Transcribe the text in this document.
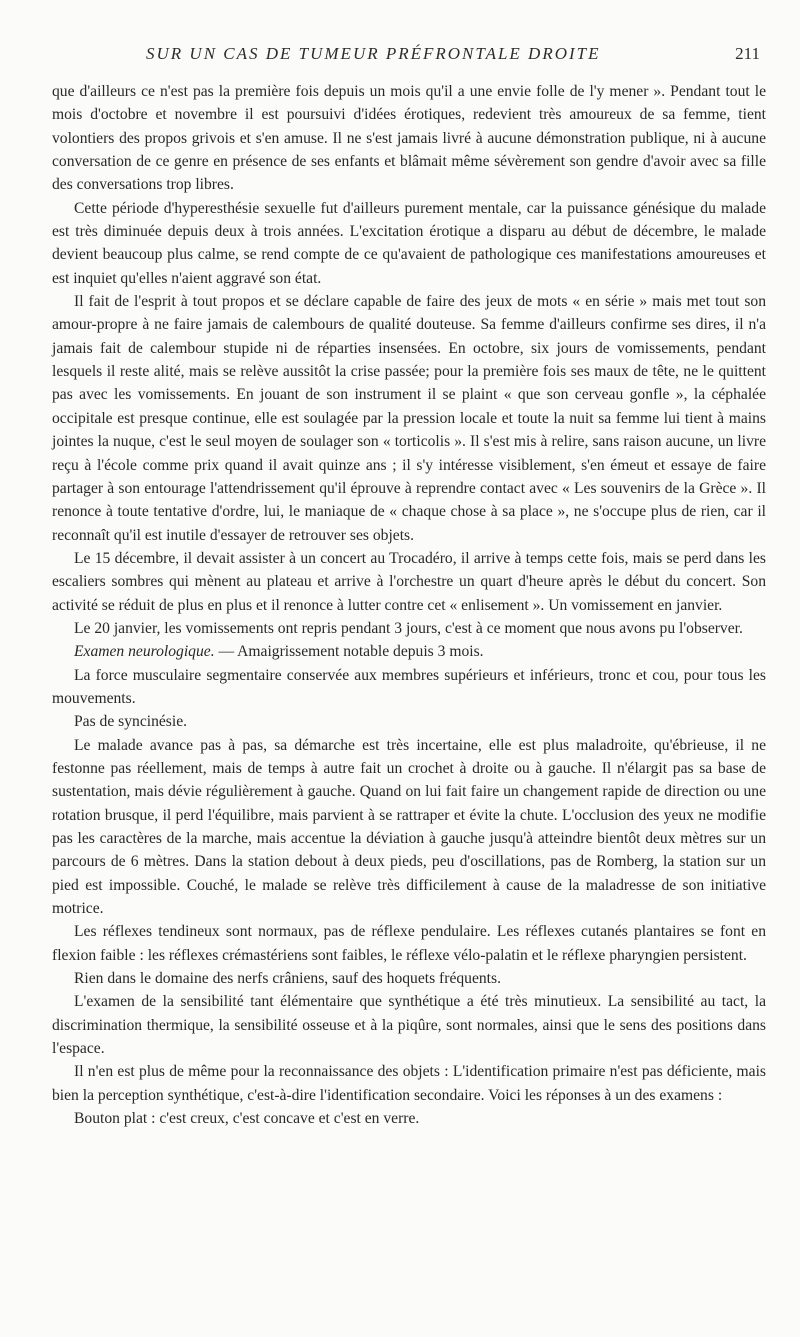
SUR UN CAS DE TUMEUR PRÉFRONTALE DROITE	211

que d'ailleurs ce n'est pas la première fois depuis un mois qu'il a une envie folle de l'y mener ». Pendant tout le mois d'octobre et novembre il est poursuivi d'idées érotiques, redevient très amoureux de sa femme, tient volontiers des propos grivois et s'en amuse. Il ne s'est jamais livré à aucune démonstration publique, ni à aucune conversation de ce genre en présence de ses enfants et blâmait même sévèrement son gendre d'avoir avec sa fille des conversations trop libres.

Cette période d'hyperesthésie sexuelle fut d'ailleurs purement mentale, car la puissance génésique du malade est très diminuée depuis deux à trois années. L'excitation érotique a disparu au début de décembre, le malade devient beaucoup plus calme, se rend compte de ce qu'avaient de pathologique ces manifestations amoureuses et est inquiet qu'elles n'aient aggravé son état.

Il fait de l'esprit à tout propos et se déclare capable de faire des jeux de mots « en série » mais met tout son amour-propre à ne faire jamais de calembours de qualité douteuse. Sa femme d'ailleurs confirme ses dires, il n'a jamais fait de calembour stupide ni de réparties insensées. En octobre, six jours de vomissements, pendant lesquels il reste alité, mais se relève aussitôt la crise passée; pour la première fois ses maux de tête, ne le quittent pas avec les vomissements. En jouant de son instrument il se plaint « que son cerveau gonfle », la céphalée occipitale est presque continue, elle est soulagée par la pression locale et toute la nuit sa femme lui tient à mains jointes la nuque, c'est le seul moyen de soulager son « torticolis ». Il s'est mis à relire, sans raison aucune, un livre reçu à l'école comme prix quand il avait quinze ans ; il s'y intéresse visiblement, s'en émeut et essaye de faire partager à son entourage l'attendrissement qu'il éprouve à reprendre contact avec « Les souvenirs de la Grèce ». Il renonce à toute tentative d'ordre, lui, le maniaque de « chaque chose à sa place », ne s'occupe plus de rien, car il reconnaît qu'il est inutile d'essayer de retrouver ses objets.

Le 15 décembre, il devait assister à un concert au Trocadéro, il arrive à temps cette fois, mais se perd dans les escaliers sombres qui mènent au plateau et arrive à l'orchestre un quart d'heure après le début du concert. Son activité se réduit de plus en plus et il renonce à lutter contre cet « enlisement ». Un vomissement en janvier.

Le 20 janvier, les vomissements ont repris pendant 3 jours, c'est à ce moment que nous avons pu l'observer.

Examen neurologique. — Amaigrissement notable depuis 3 mois.

La force musculaire segmentaire conservée aux membres supérieurs et inférieurs, tronc et cou, pour tous les mouvements.

Pas de syncinésie.

Le malade avance pas à pas, sa démarche est très incertaine, elle est plus maladroite, qu'ébrieuse, il ne festonne pas réellement, mais de temps à autre fait un crochet à droite ou à gauche. Il n'élargit pas sa base de sustentation, mais dévie régulièrement à gauche. Quand on lui fait faire un changement rapide de direction ou une rotation brusque, il perd l'équilibre, mais parvient à se rattraper et évite la chute. L'occlusion des yeux ne modifie pas les caractères de la marche, mais accentue la déviation à gauche jusqu'à atteindre bientôt deux mètres sur un parcours de 6 mètres. Dans la station debout à deux pieds, peu d'oscillations, pas de Romberg, la station sur un pied est impossible. Couché, le malade se relève très difficilement à cause de la maladresse de son initiative motrice.

Les réflexes tendineux sont normaux, pas de réflexe pendulaire. Les réflexes cutanés plantaires se font en flexion faible : les réflexes crémastériens sont faibles, le réflexe vélo-palatin et le réflexe pharyngien persistent.

Rien dans le domaine des nerfs crâniens, sauf des hoquets fréquents.

L'examen de la sensibilité tant élémentaire que synthétique a été très minutieux. La sensibilité au tact, la discrimination thermique, la sensibilité osseuse et à la piqûre, sont normales, ainsi que le sens des positions dans l'espace.

Il n'en est plus de même pour la reconnaissance des objets : L'identification primaire n'est pas déficiente, mais bien la perception synthétique, c'est-à-dire l'identification secondaire. Voici les réponses à un des examens :

Bouton plat : c'est creux, c'est concave et c'est en verre.
